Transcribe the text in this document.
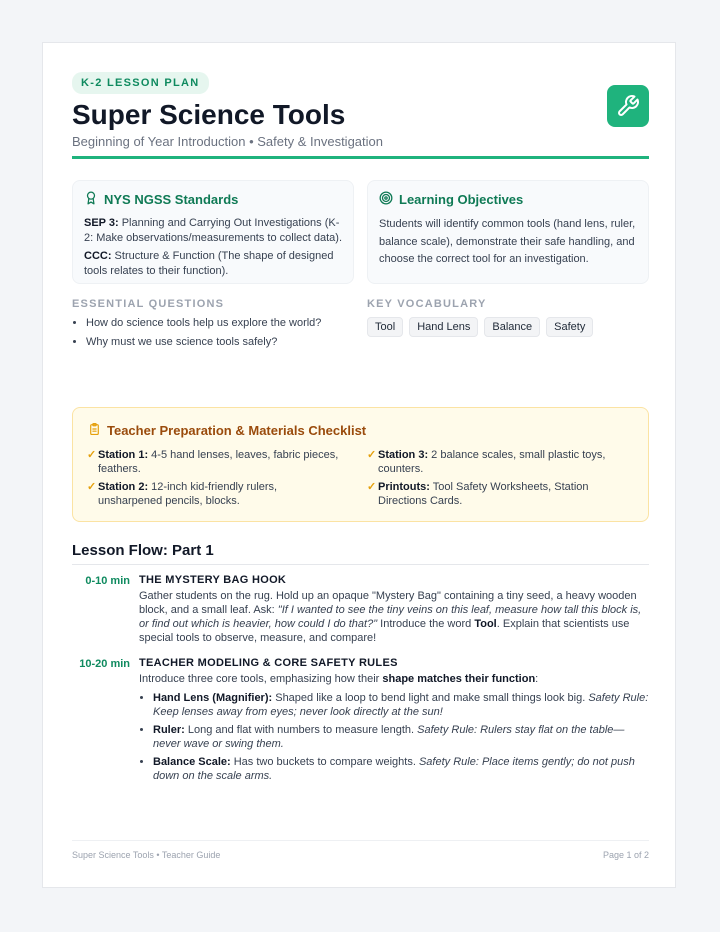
K-2 LESSON PLAN
Super Science Tools
Beginning of Year Introduction • Safety & Investigation
NYS NGSS Standards

SEP 3: Planning and Carrying Out Investigations (K-2: Make observations/measurements to collect data).

CCC: Structure & Function (The shape of designed tools relates to their function).

Learning Objectives

Students will identify common tools (hand lens, ruler, balance scale), demonstrate their safe handling, and choose the correct tool for an investigation.

ESSENTIAL QUESTIONS
• How do science tools help us explore the world?
• Why must we use science tools safely?
KEY VOCABULARY
Tool	Hand Lens	Balance	Safety
Teacher Preparation & Materials Checklist
✓ Station 1: 4-5 hand lenses, leaves, fabric pieces, feathers.
✓ Station 3: 2 balance scales, small plastic toys, counters.
✓ Station 2: 12-inch kid-friendly rulers, unsharpened pencils, blocks.
✓ Printouts: Tool Safety Worksheets, Station Directions Cards.
Lesson Flow: Part 1
0-10 min THE MYSTERY BAG HOOK
Gather students on the rug. Hold up an opaque "Mystery Bag" containing a tiny seed, a heavy wooden block, and a small leaf. Ask: "If I wanted to see the tiny veins on this leaf, measure how tall this block is, or find out which is heavier, how could I do that?" Introduce the word Tool. Explain that scientists use special tools to observe, measure, and compare!
10-20 min TEACHER MODELING & CORE SAFETY RULES
Introduce three core tools, emphasizing how their shape matches their function:
• Hand Lens (Magnifier): Shaped like a loop to bend light and make small things look big. Safety Rule: Keep lenses away from eyes; never look directly at the sun!
• Ruler: Long and flat with numbers to measure length. Safety Rule: Rulers stay flat on the table—never wave or swing them.
• Balance Scale: Has two buckets to compare weights. Safety Rule: Place items gently; do not push down on the scale arms.
Super Science Tools • Teacher Guide	Page 1 of 2
